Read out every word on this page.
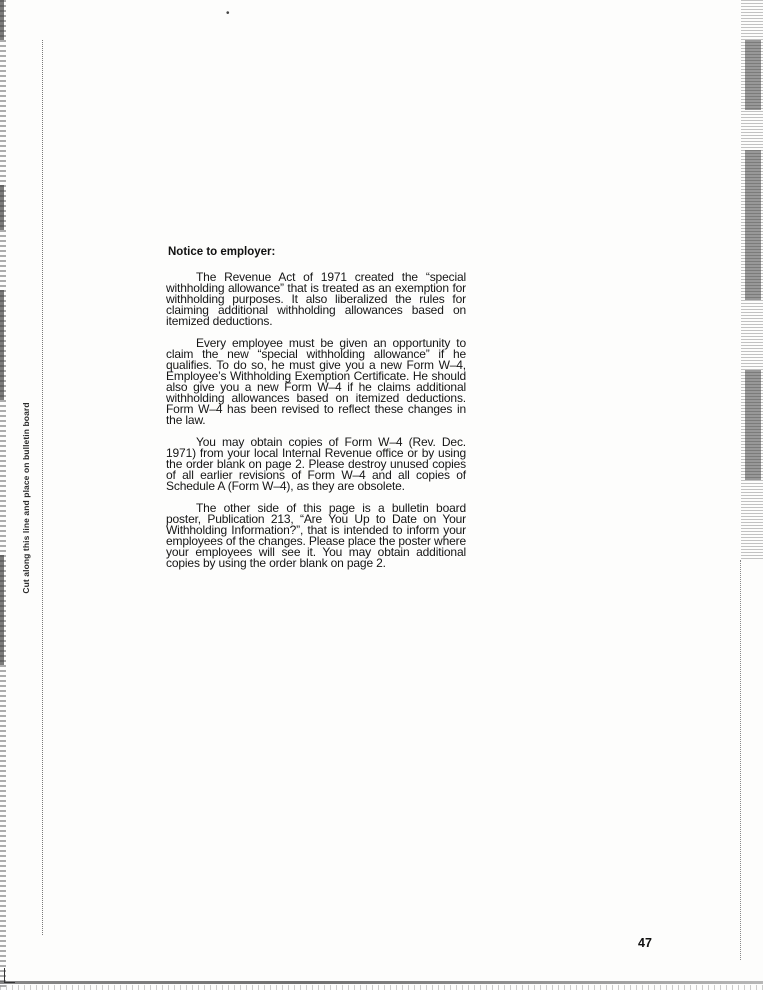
Cut along this line and place on bulletin board
•
Notice to employer:

The Revenue Act of 1971 created the “special withholding allowance” that is treated as an exemption for withholding purposes. It also liberalized the rules for claiming additional withholding allowances based on itemized deductions.

Every employee must be given an opportunity to claim the new “special withholding allowance” if he qualifies. To do so, he must give you a new Form W–4, Employee’s Withholding Exemption Certificate. He should also give you a new Form W–4 if he claims additional withholding allowances based on itemized deductions. Form W–4 has been revised to reflect these changes in the law.

You may obtain copies of Form W–4 (Rev. Dec. 1971) from your local Internal Revenue office or by using the order blank on page 2. Please destroy unused copies of all earlier revisions of Form W–4 and all copies of Schedule A (Form W–4), as they are obsolete.

The other side of this page is a bulletin board poster, Publication 213, “Are You Up to Date on Your Withholding Information?”, that is intended to inform your employees of the changes. Please place the poster where your employees will see it. You may obtain additional copies by using the order blank on page 2.

47
